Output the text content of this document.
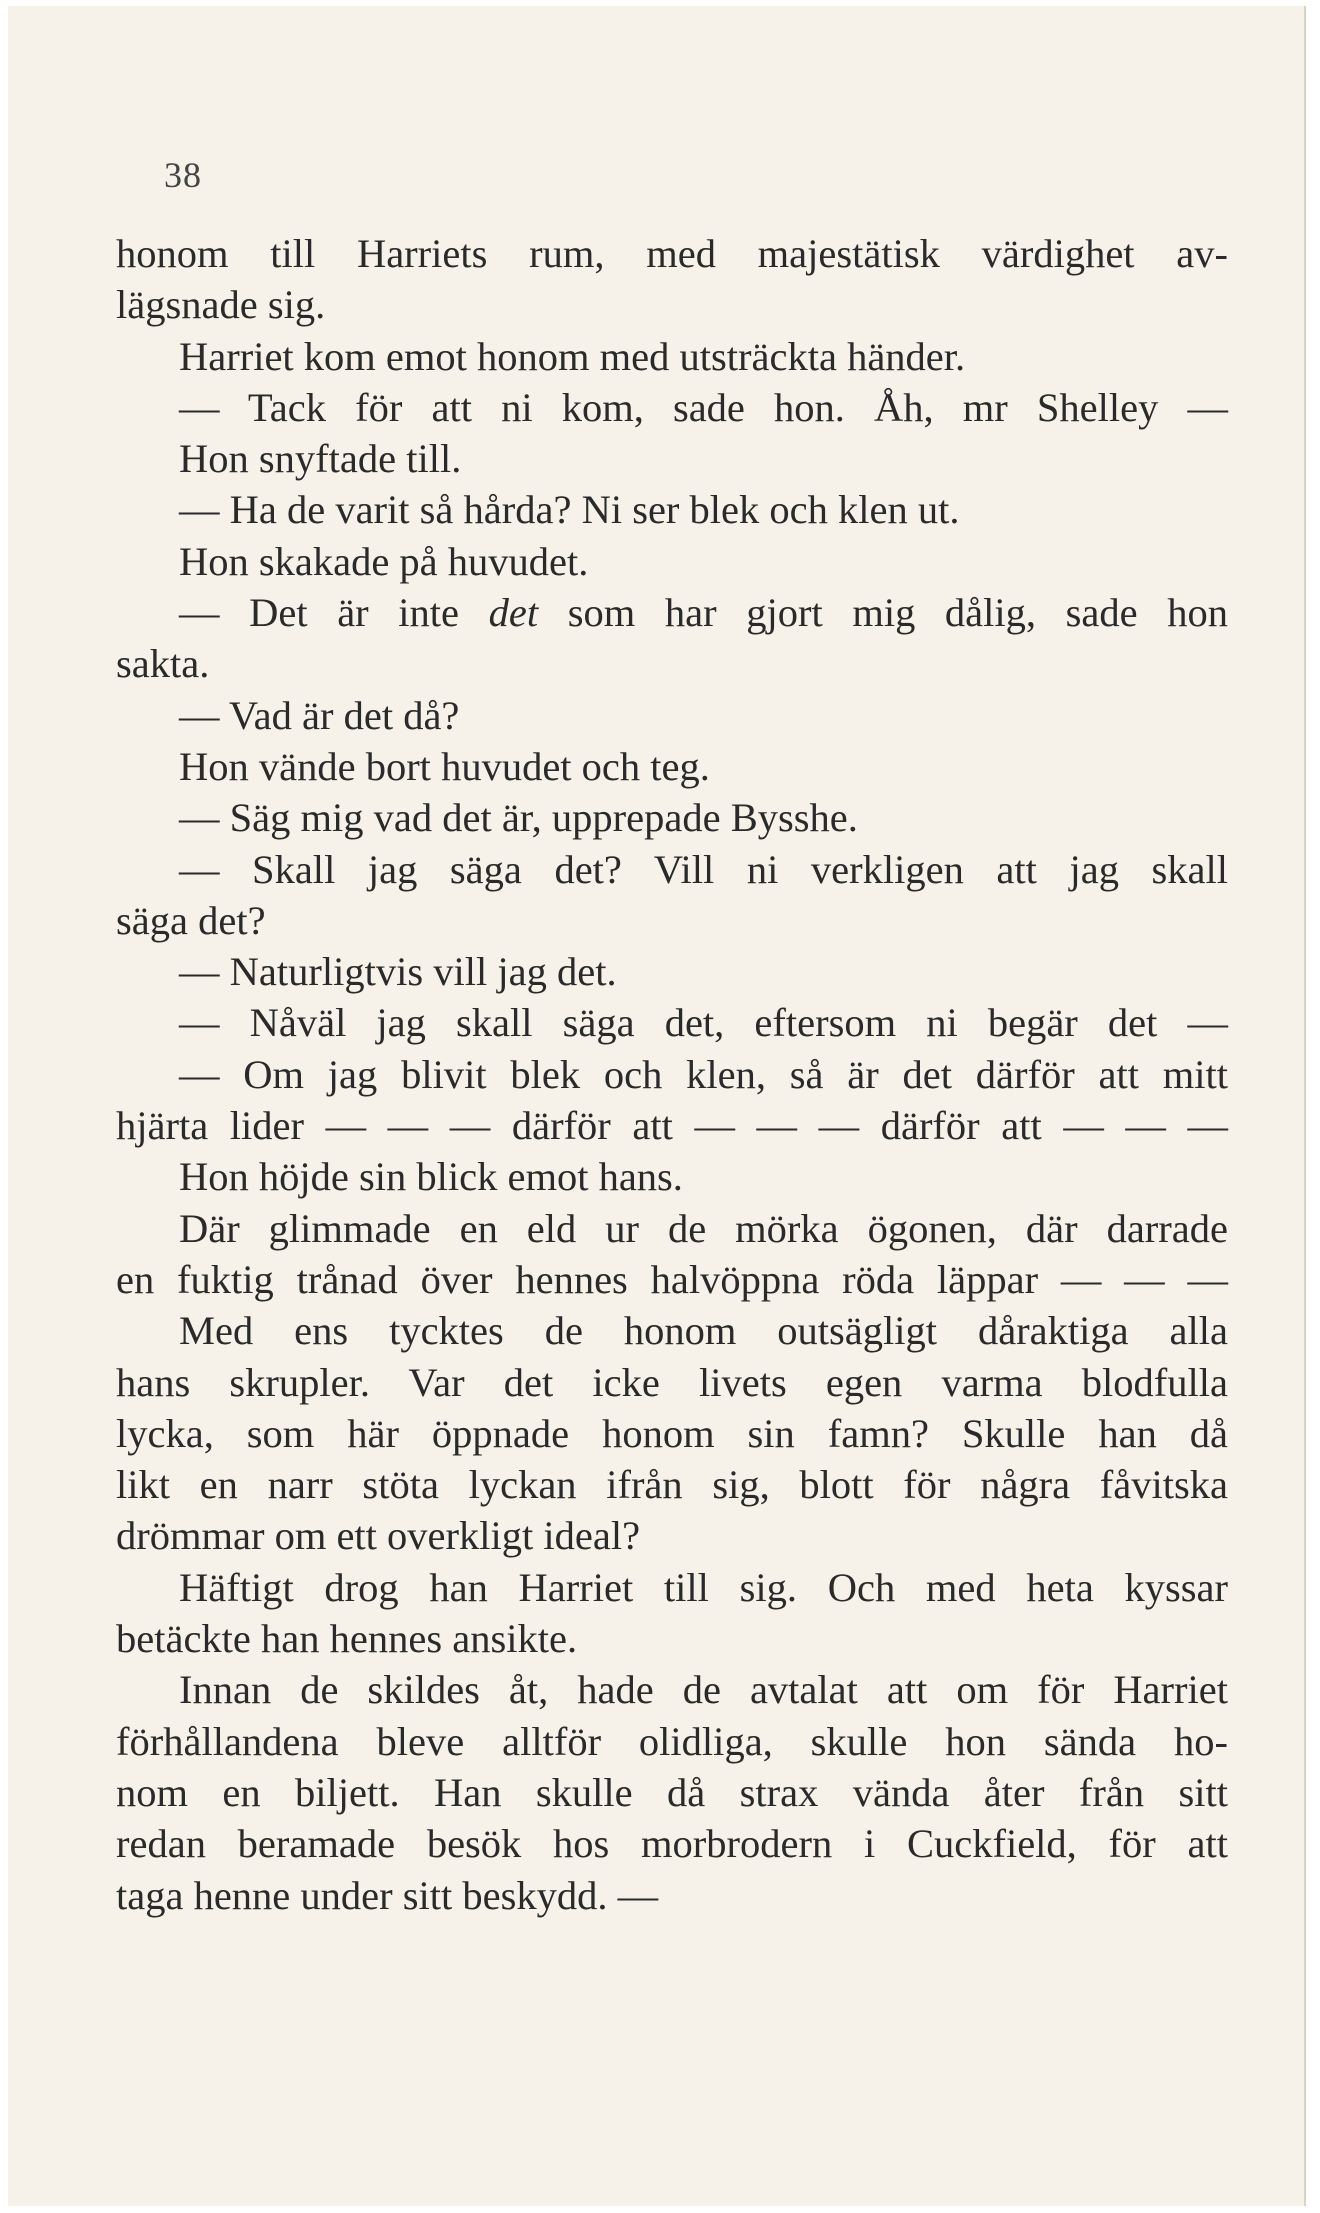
38
honom till Harriets rum, med majestätisk värdighet av-
lägsnade sig.
Harriet kom emot honom med utsträckta händer.
— Tack för att ni kom, sade hon. Åh, mr Shelley —
Hon snyftade till.
— Ha de varit så hårda? Ni ser blek och klen ut.
Hon skakade på huvudet.
— Det är inte det som har gjort mig dålig, sade hon
sakta.
— Vad är det då?
Hon vände bort huvudet och teg.
— Säg mig vad det är, upprepade Bysshe.
— Skall jag säga det? Vill ni verkligen att jag skall
säga det?
— Naturligtvis vill jag det.
— Nåväl jag skall säga det, eftersom ni begär det —
— Om jag blivit blek och klen, så är det därför att mitt
hjärta lider — — — därför att — — — därför att — — —
Hon höjde sin blick emot hans.
Där glimmade en eld ur de mörka ögonen, där darrade
en fuktig trånad över hennes halvöppna röda läppar — — —
Med ens tycktes de honom outsägligt dåraktiga alla
hans skrupler. Var det icke livets egen varma blodfulla
lycka, som här öppnade honom sin famn? Skulle han då
likt en narr stöta lyckan ifrån sig, blott för några fåvitska
drömmar om ett overkligt ideal?
Häftigt drog han Harriet till sig. Och med heta kyssar
betäckte han hennes ansikte.
Innan de skildes åt, hade de avtalat att om för Harriet
förhållandena bleve alltför olidliga, skulle hon sända ho-
nom en biljett. Han skulle då strax vända åter från sitt
redan beramade besök hos morbrodern i Cuckfield, för att
taga henne under sitt beskydd. —
